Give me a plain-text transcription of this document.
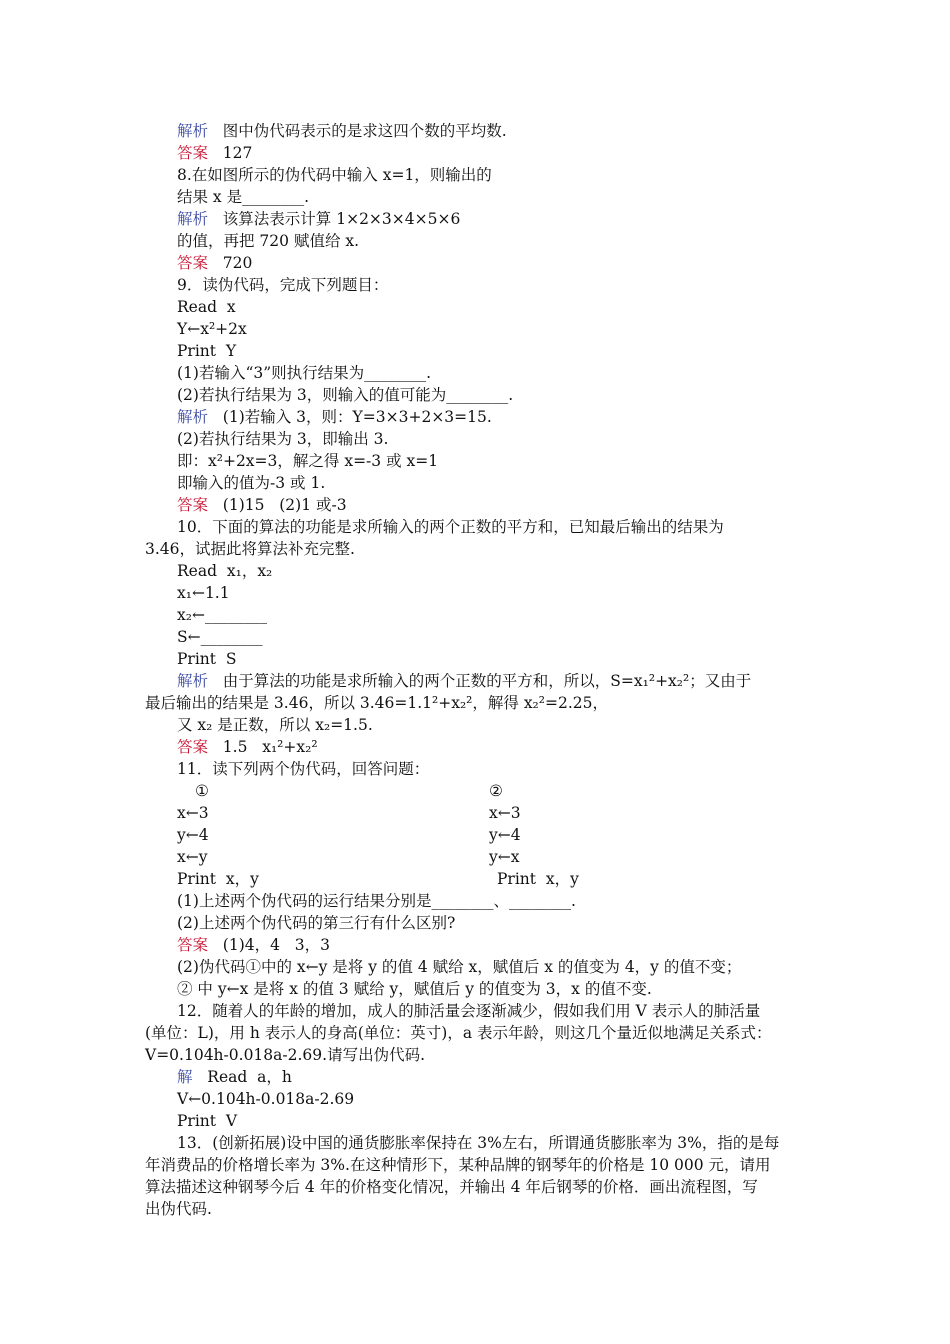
解析 图中伪代码表示的是求这四个数的平均数.
答案 127
8.在如图所示的伪代码中输入 x=1，则输出的
结果 x 是________.
解析 该算法表示计算 1×2×3×4×5×6
的值，再把 720 赋值给 x.
答案 720
9．读伪代码，完成下列题目：
Read  x
Y←x²+2x
Print  Y
(1)若输入“3”则执行结果为________.
(2)若执行结果为 3，则输入的值可能为________.
解析 (1)若输入 3，则：Y=3×3+2×3=15.
(2)若执行结果为 3，即输出 3.
即：x²+2x=3，解之得 x=-3 或 x=1
即输入的值为-3 或 1.
答案 (1)15   (2)1 或-3
10．下面的算法的功能是求所输入的两个正数的平方和，已知最后输出的结果为
3.46，试据此将算法补充完整.
Read  x₁，x₂
x₁←1.1
x₂←________
S←________
Print  S
解析 由于算法的功能是求所输入的两个正数的平方和，所以，S=x₁²+x₂²；又由于
最后输出的结果是 3.46，所以 3.46=1.1²+x₂²，解得 x₂²=2.25，
又 x₂ 是正数，所以 x₂=1.5.
答案 1.5   x₁²+x₂²
11．读下列两个伪代码，回答问题：
①	②
x←3	x←3
y←4	y←4
x←y	y←x
Print  x，y	Print  x，y
(1)上述两个伪代码的运行结果分别是________、________.
(2)上述两个伪代码的第三行有什么区别?
答案 (1)4，4   3，3
(2)伪代码①中的 x←y 是将 y 的值 4 赋给 x，赋值后 x 的值变为 4，y 的值不变；
② 中 y←x 是将 x 的值 3 赋给 y，赋值后 y 的值变为 3，x 的值不变.
12．随着人的年龄的增加，成人的肺活量会逐渐减少，假如我们用 V 表示人的肺活量
(单位：L)，用 h 表示人的身高(单位：英寸)，a 表示年龄，则这几个量近似地满足关系式：
V=0.104h-0.018a-2.69.请写出伪代码.
解 Read  a，h
V←0.104h-0.018a-2.69
Print  V
13．(创新拓展)设中国的通货膨胀率保持在 3%左右，所谓通货膨胀率为 3%，指的是每
年消费品的价格增长率为 3%.在这种情形下，某种品牌的钢琴年的价格是 10 000 元，请用
算法描述这种钢琴今后 4 年的价格变化情况，并输出 4 年后钢琴的价格．画出流程图，写
出伪代码.
